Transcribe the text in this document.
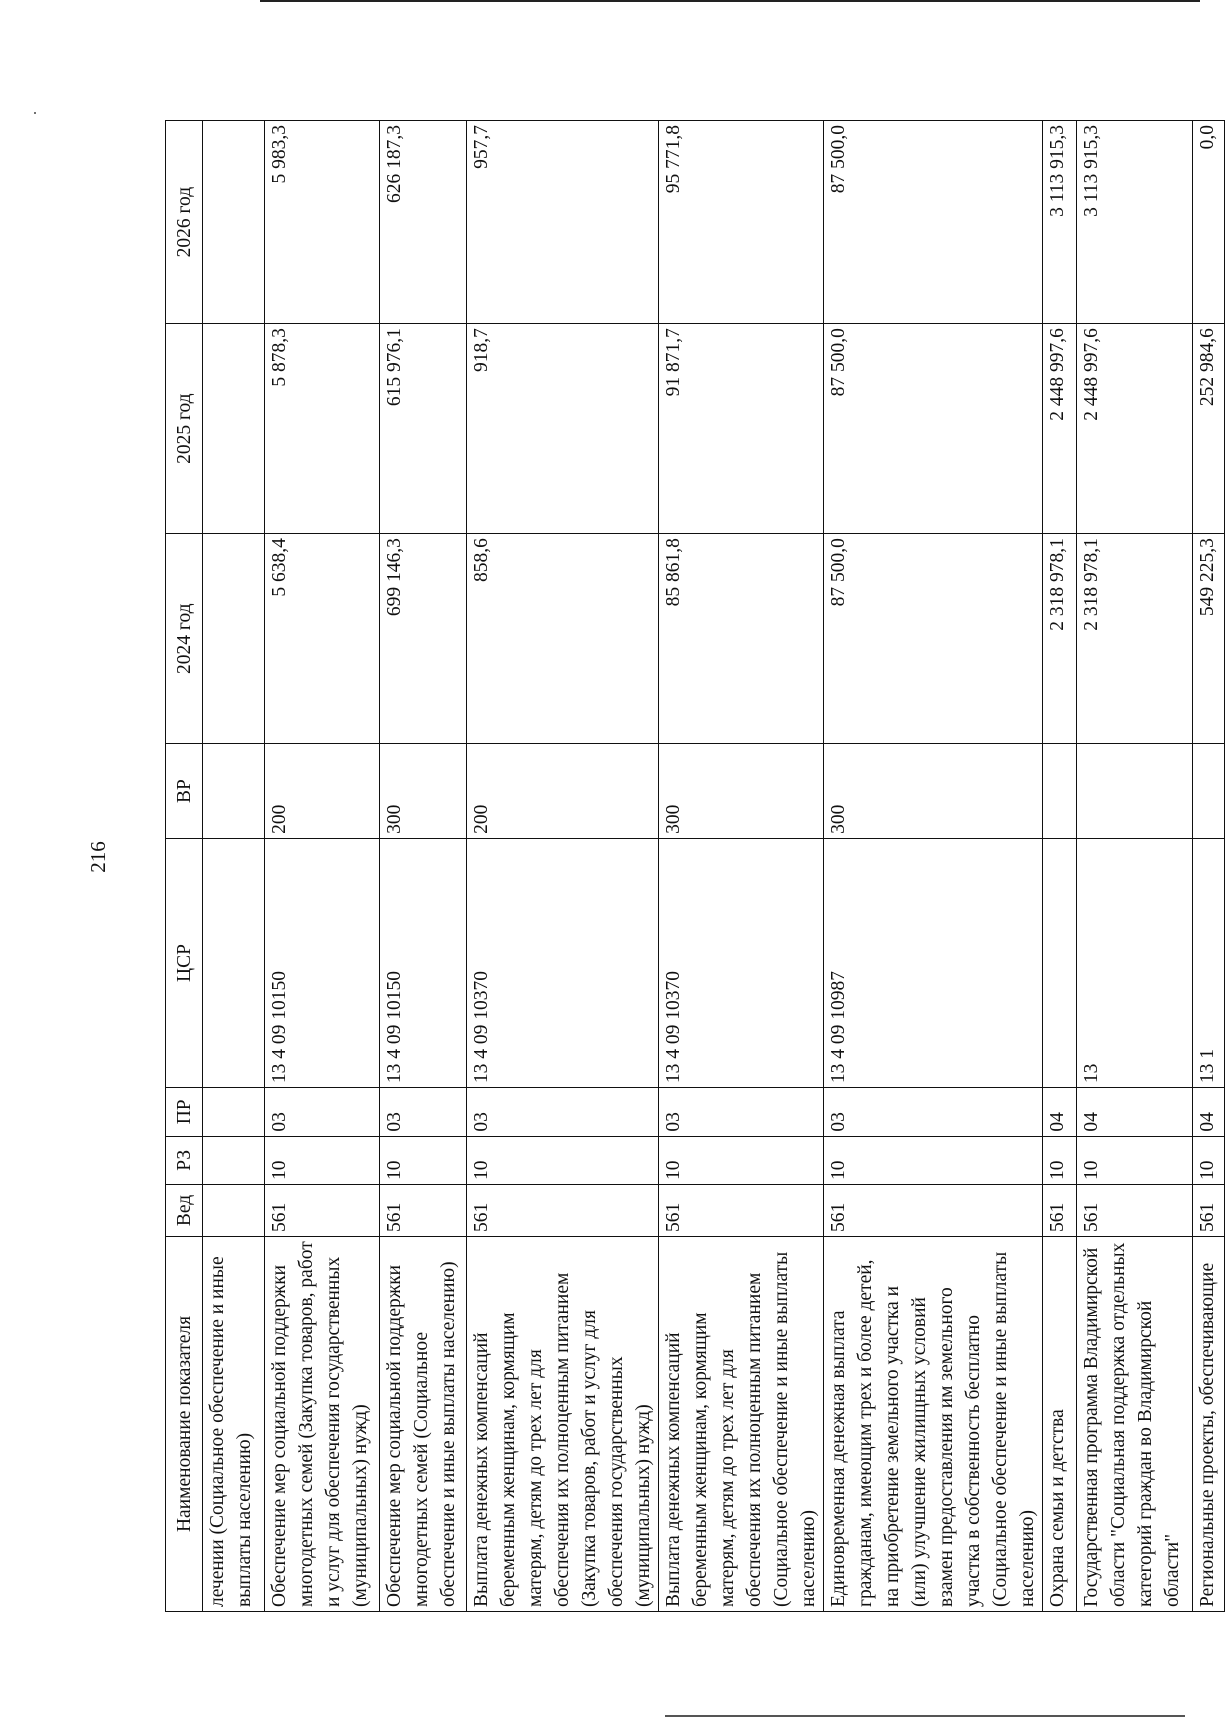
216
Наименование показателя	Вед	РЗ	ПР	ЦСР	ВР	2024 год	2025 год	2026 год
лечении (Социальное обеспечение и иные выплаты населению)								
Обеспечение мер социальной поддержки многодетных семей (Закупка товаров, работ и услуг для обеспечения государственных (муниципальных) нужд)	561	10	03	13 4 09 10150	200	5 638,4	5 878,3	5 983,3
Обеспечение мер социальной поддержки многодетных семей (Социальное обеспечение и иные выплаты населению)	561	10	03	13 4 09 10150	300	699 146,3	615 976,1	626 187,3
Выплата денежных компенсаций беременным женщинам, кормящим матерям, детям до трех лет для обеспечения их полноценным питанием (Закупка товаров, работ и услуг для обеспечения государственных (муниципальных) нужд)	561	10	03	13 4 09 10370	200	858,6	918,7	957,7
Выплата денежных компенсаций беременным женщинам, кормящим матерям, детям до трех лет для обеспечения их полноценным питанием (Социальное обеспечение и иные выплаты населению)	561	10	03	13 4 09 10370	300	85 861,8	91 871,7	95 771,8
Единовременная денежная выплата гражданам, имеющим трех и более детей, на приобретение земельного участка и (или) улучшение жилищных условий взамен предоставления им земельного участка в собственность бесплатно (Социальное обеспечение и иные выплаты населению)	561	10	03	13 4 09 10987	300	87 500,0	87 500,0	87 500,0
Охрана семьи и детства	561	10	04			2 318 978,1	2 448 997,6	3 113 915,3
Государственная программа Владимирской области "Социальная поддержка отдельных категорий граждан во Владимирской области"	561	10	04	13		2 318 978,1	2 448 997,6	3 113 915,3
Региональные проекты, обеспечивающие	561	10	04	13 1		549 225,3	252 984,6	0,0
